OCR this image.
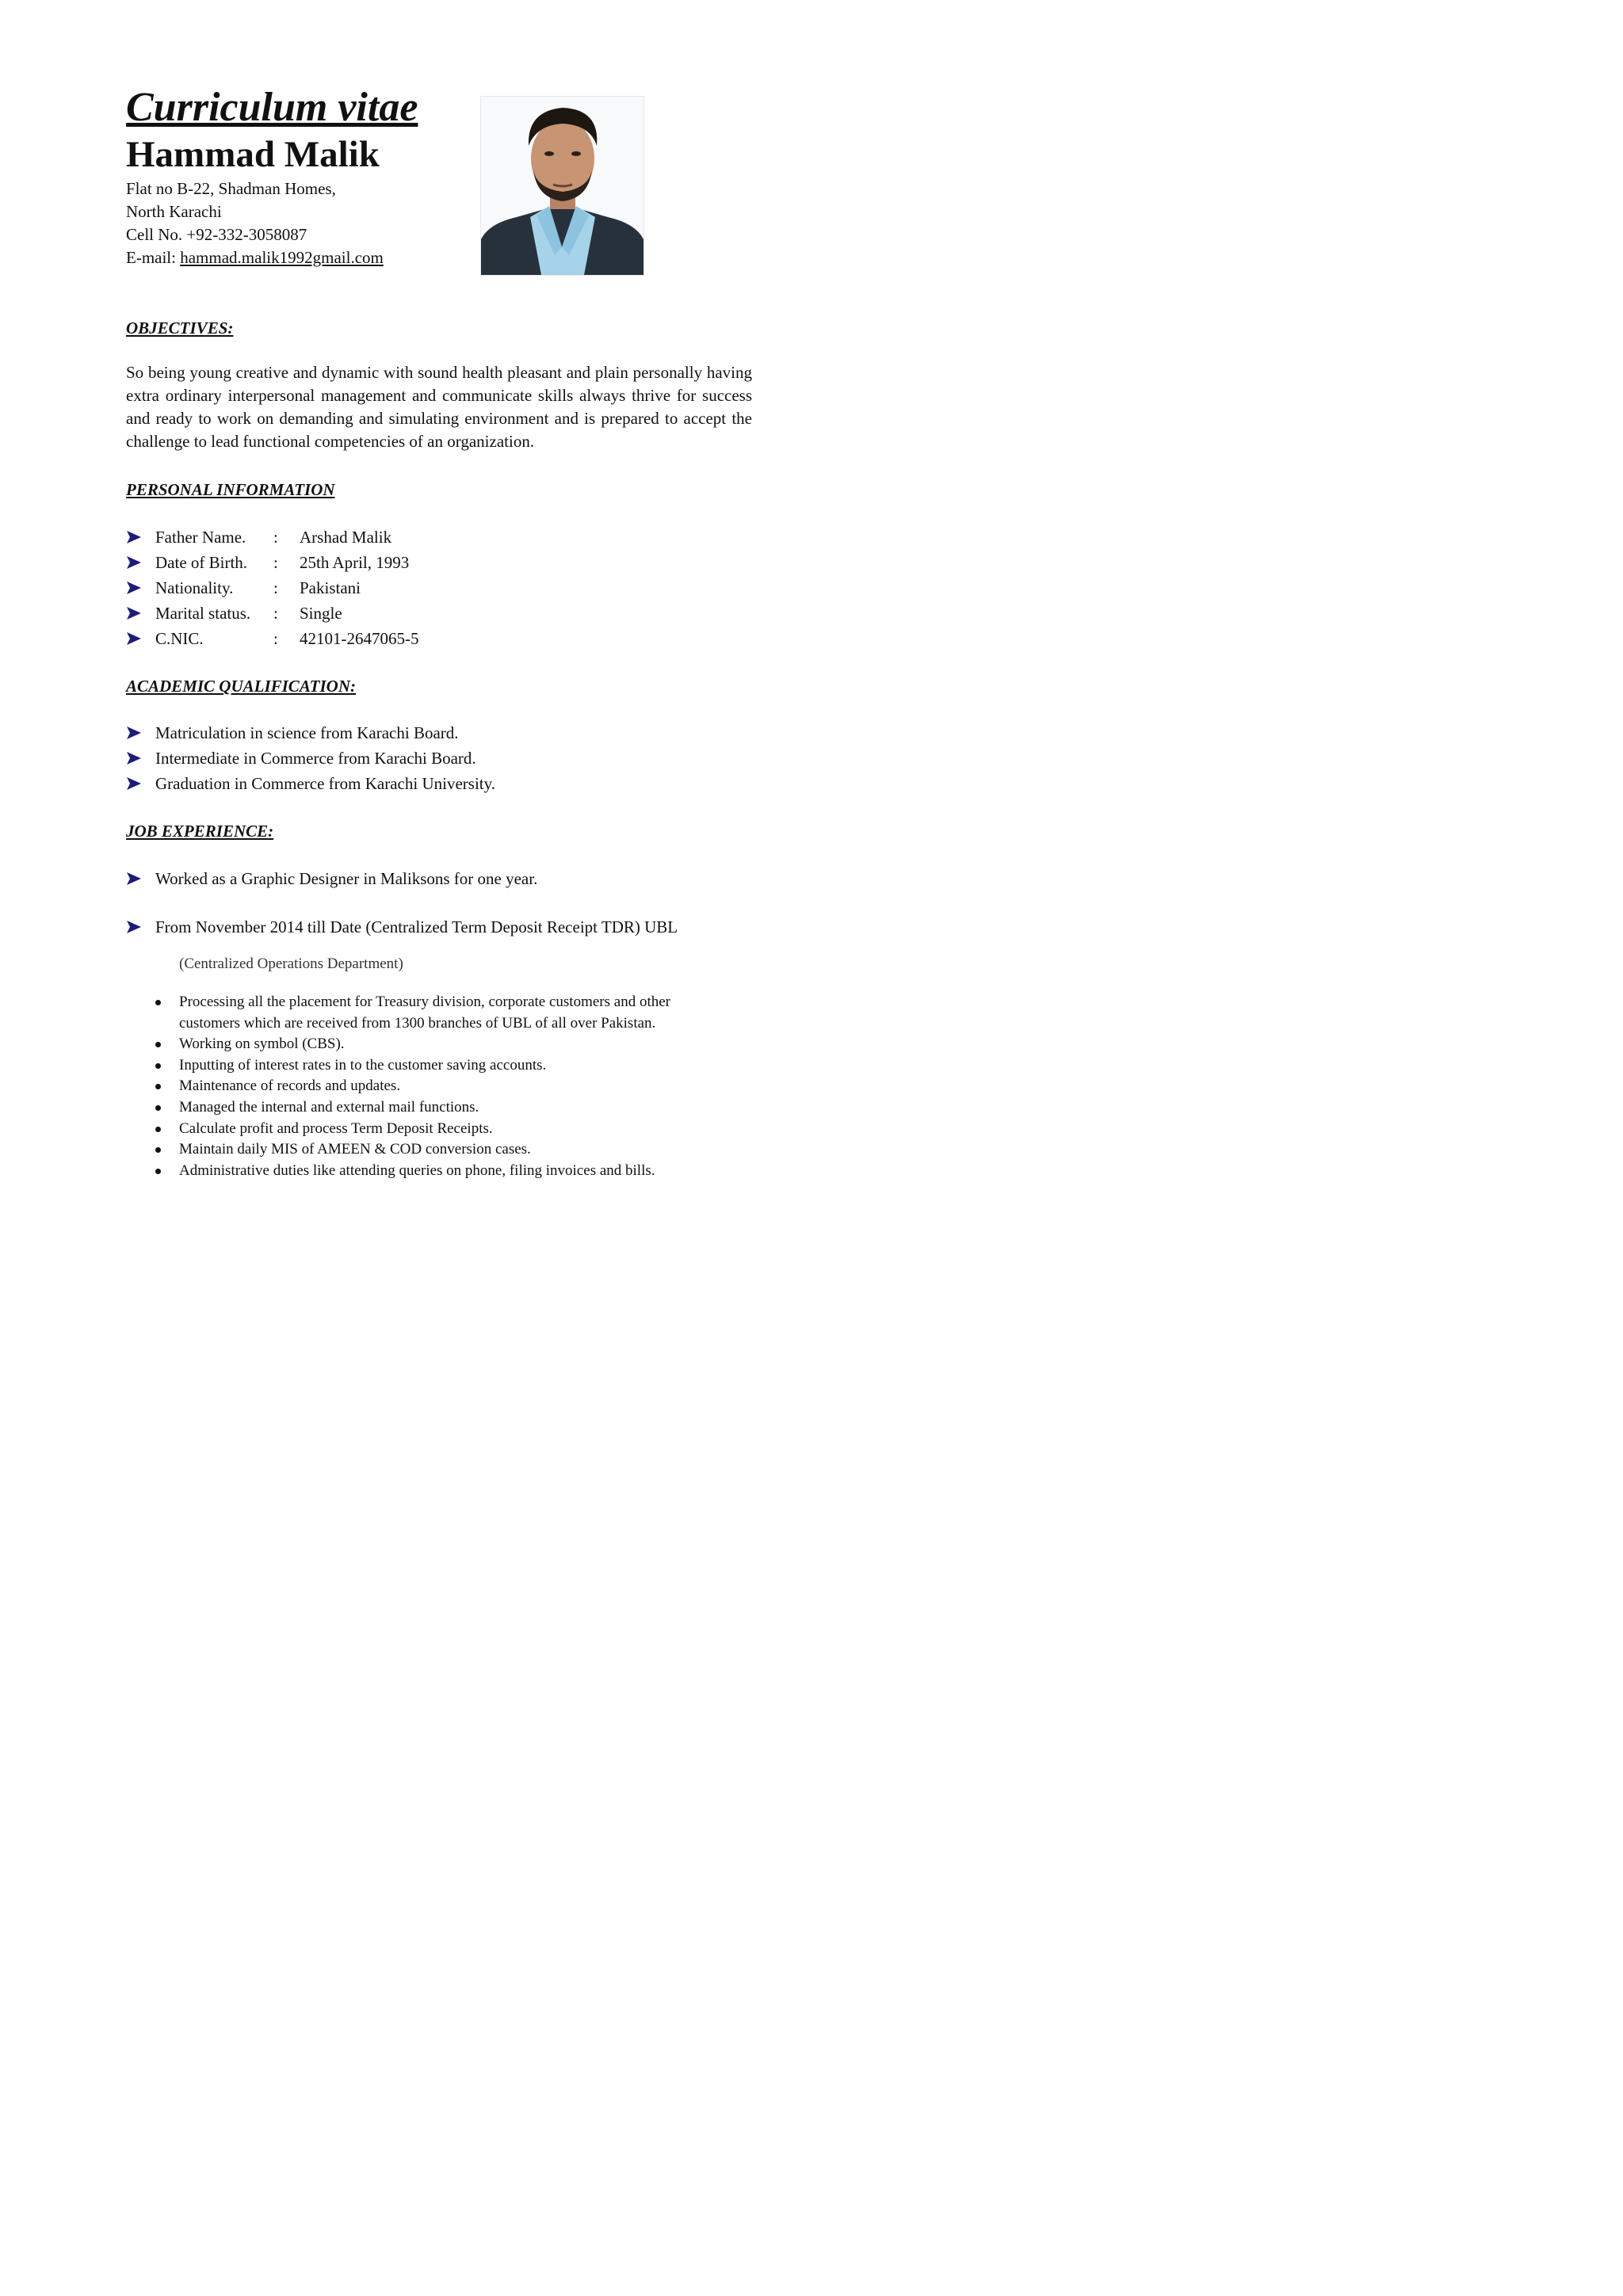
Curriculum vitae
Hammad Malik
Flat no B-22, Shadman Homes,
North Karachi
Cell No. +92-332-3058087
E-mail: hammad.malik1992gmail.com
OBJECTIVES:

So being young creative and dynamic with sound health pleasant and plain personally having extra ordinary interpersonal management and communicate skills always thrive for success and ready to work on demanding and simulating environment and is prepared to accept the challenge to lead functional competencies of an organization.

PERSONAL INFORMATION
Father Name. : Arshad Malik
Date of Birth. : 25th April, 1993
Nationality. : Pakistani
Marital status. : Single
C.NIC.	: 42101-2647065-5
ACADEMIC QUALIFICATION:
Matriculation in science from Karachi Board.
Intermediate in Commerce from Karachi Board.
Graduation in Commerce from Karachi University.
JOB EXPERIENCE:
Worked as a Graphic Designer in Maliksons for one year.
From November 2014 till Date (Centralized Term Deposit Receipt TDR) UBL
(Centralized Operations Department)
Processing all the placement for Treasury division, corporate customers and other customers which are received from 1300 branches of UBL of all over Pakistan.
Working on symbol (CBS).
Inputting of interest rates in to the customer saving accounts.
Maintenance of records and updates.
Managed the internal and external mail functions.
Calculate profit and process Term Deposit Receipts.
Maintain daily MIS of AMEEN & COD conversion cases.
Administrative duties like attending queries on phone, filing invoices and bills.
